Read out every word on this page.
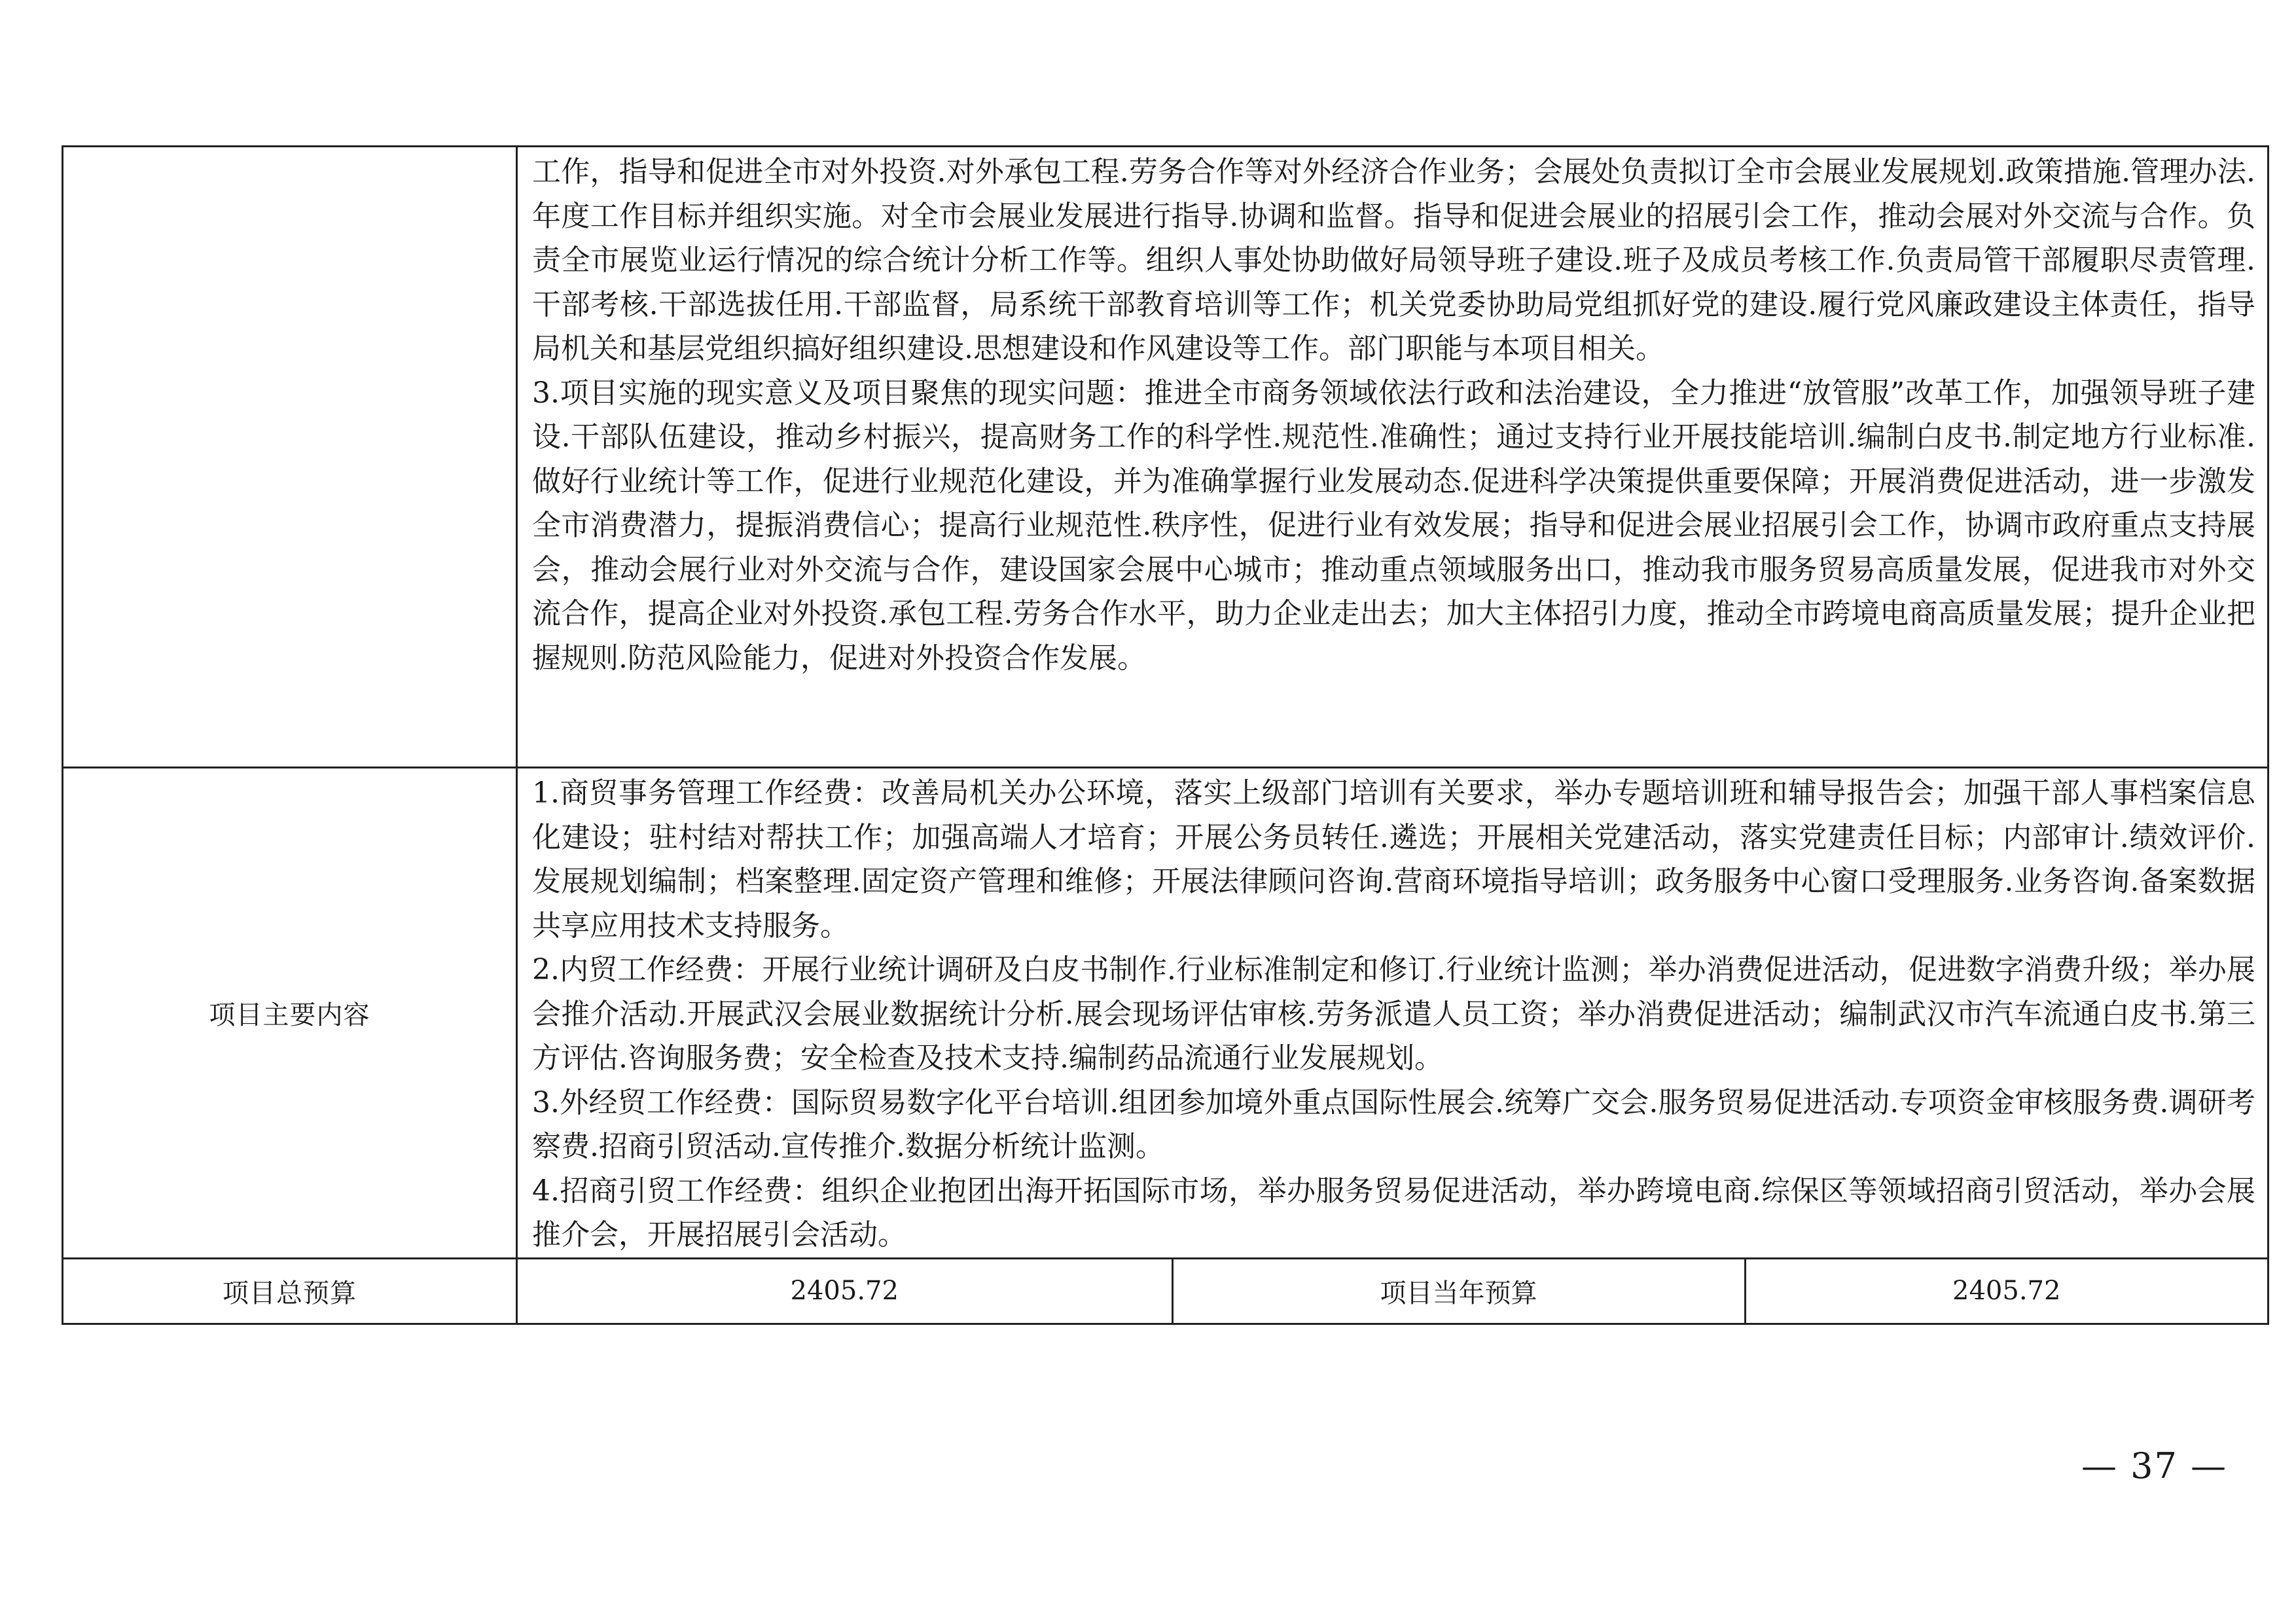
	工作，指导和促进全市对外投资.对外承包工程.劳务合作等对外经济合作业务；会展处负责拟订全市会展业发展规划.政策措施.管理办法.年度工作目标并组织实施。对全市会展业发展进行指导.协调和监督。指导和促进会展业的招展引会工作，推动会展对外交流与合作。负责全市展览业运行情况的综合统计分析工作等。组织人事处协助做好局领导班子建设.班子及成员考核工作.负责局管干部履职尽责管理.干部考核.干部选拔任用.干部监督，局系统干部教育培训等工作；机关党委协助局党组抓好党的建设.履行党风廉政建设主体责任，指导局机关和基层党组织搞好组织建设.思想建设和作风建设等工作。部门职能与本项目相关。
3.项目实施的现实意义及项目聚焦的现实问题：推进全市商务领域依法行政和法治建设，全力推进“放管服”改革工作，加强领导班子建设.干部队伍建设，推动乡村振兴，提高财务工作的科学性.规范性.准确性；通过支持行业开展技能培训.编制白皮书.制定地方行业标准.做好行业统计等工作，促进行业规范化建设，并为准确掌握行业发展动态.促进科学决策提供重要保障；开展消费促进活动，进一步激发全市消费潜力，提振消费信心；提高行业规范性.秩序性，促进行业有效发展；指导和促进会展业招展引会工作，协调市政府重点支持展会，推动会展行业对外交流与合作，建设国家会展中心城市；推动重点领域服务出口，推动我市服务贸易高质量发展，促进我市对外交流合作，提高企业对外投资.承包工程.劳务合作水平，助力企业走出去；加大主体招引力度，推动全市跨境电商高质量发展；提升企业把握规则.防范风险能力，促进对外投资合作发展。
项目主要内容	1.商贸事务管理工作经费：改善局机关办公环境，落实上级部门培训有关要求，举办专题培训班和辅导报告会；加强干部人事档案信息化建设；驻村结对帮扶工作；加强高端人才培育；开展公务员转任.遴选；开展相关党建活动，落实党建责任目标；内部审计.绩效评价.发展规划编制；档案整理.固定资产管理和维修；开展法律顾问咨询.营商环境指导培训；政务服务中心窗口受理服务.业务咨询.备案数据共享应用技术支持服务。
2.内贸工作经费：开展行业统计调研及白皮书制作.行业标准制定和修订.行业统计监测；举办消费促进活动，促进数字消费升级；举办展会推介活动.开展武汉会展业数据统计分析.展会现场评估审核.劳务派遣人员工资；举办消费促进活动；编制武汉市汽车流通白皮书.第三方评估.咨询服务费；安全检查及技术支持.编制药品流通行业发展规划。
3.外经贸工作经费：国际贸易数字化平台培训.组团参加境外重点国际性展会.统筹广交会.服务贸易促进活动.专项资金审核服务费.调研考察费.招商引贸活动.宣传推介.数据分析统计监测。
4.招商引贸工作经费：组织企业抱团出海开拓国际市场，举办服务贸易促进活动，举办跨境电商.综保区等领域招商引贸活动，举办会展推介会，开展招展引会活动。
项目总预算		2405.72	项目当年预算	2405.72
— 37 —
